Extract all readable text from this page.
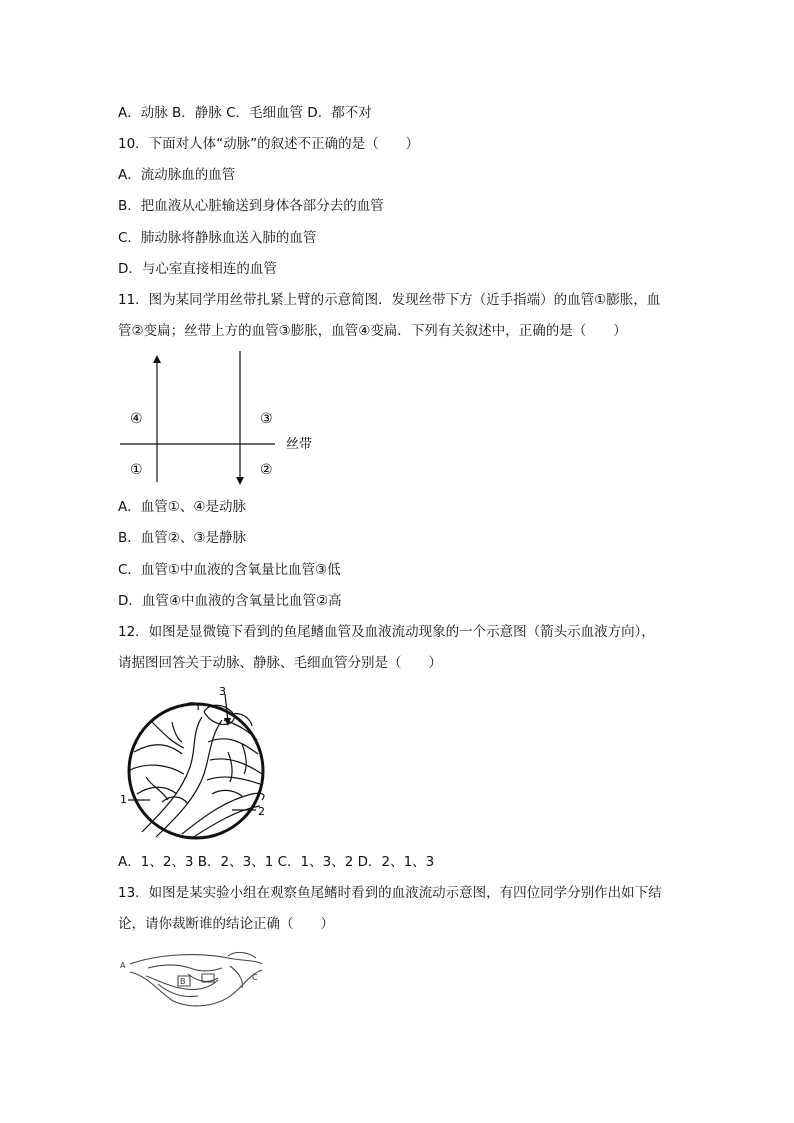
A．动脉 B．静脉 C．毛细血管 D．都不对
10．下面对人体“动脉”的叙述不正确的是（　　）
A．流动脉血的血管
B．把血液从心脏输送到身体各部分去的血管
C．肺动脉将静脉血送入肺的血管
D．与心室直接相连的血管
11．图为某同学用丝带扎紧上臂的示意简图．发现丝带下方（近手指端）的血管①膨胀，血
管②变扁；丝带上方的血管③膨胀，血管④变扁．下列有关叙述中，正确的是（　　）
④	③
①	②
丝带
A．血管①、④是动脉
B．血管②、③是静脉
C．血管①中血液的含氧量比血管③低
D．血管④中血液的含氧量比血管②高
12．如图是显微镜下看到的鱼尾鳍血管及血液流动现象的一个示意图（箭头示血液方向），
请据图回答关于动脉、静脉、毛细血管分别是（　　）
3
1
2
A．1、2、3 B．2、3、1 C．1、3、2 D．2、1、3
13．如图是某实验小组在观察鱼尾鳍时看到的血液流动示意图，有四位同学分别作出如下结
论，请你裁断谁的结论正确（　　）
A
B	C
